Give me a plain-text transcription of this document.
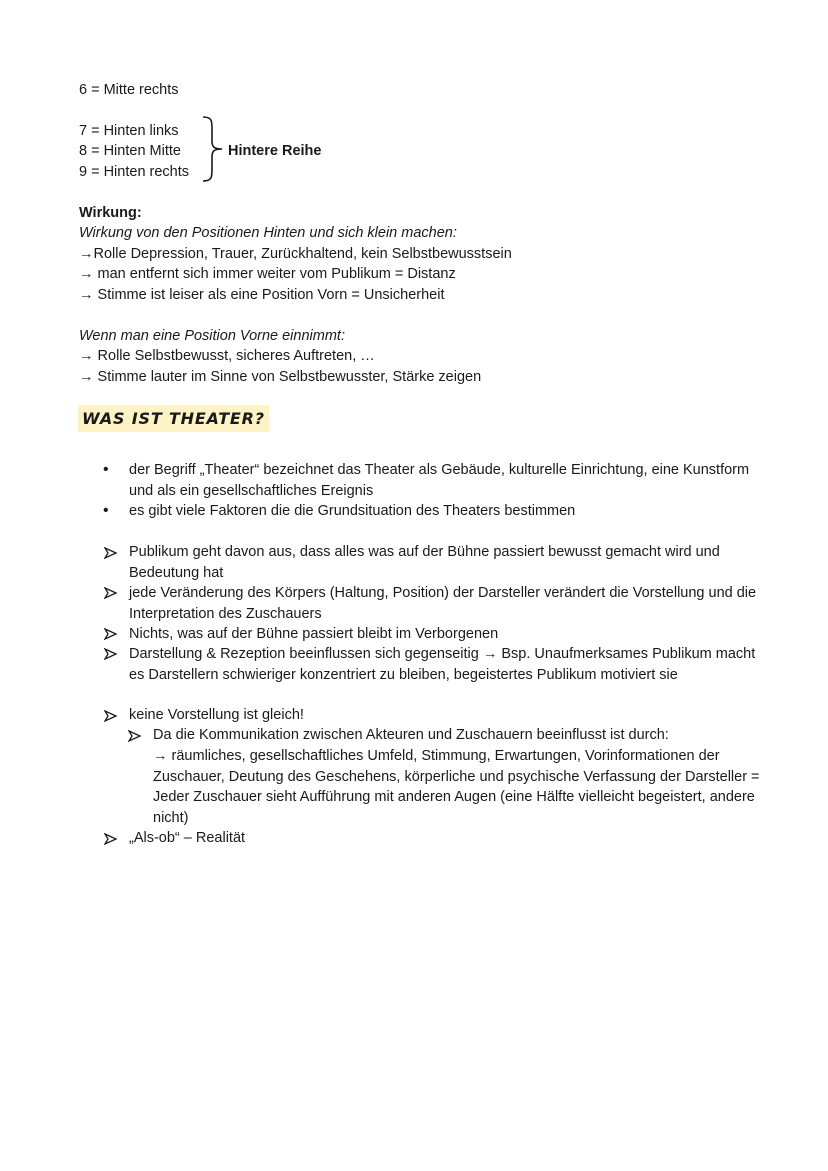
6 = Mitte rechts
7 = Hinten links
8 = Hinten Mitte
9 = Hinten rechts
Hintere Reihe
Wirkung:
Wirkung von den Positionen Hinten und sich klein machen:
→Rolle Depression, Trauer, Zurückhaltend, kein Selbstbewusstsein
→ man entfernt sich immer weiter vom Publikum = Distanz
→ Stimme ist leiser als eine Position Vorn = Unsicherheit
Wenn man eine Position Vorne einnimmt:
→ Rolle Selbstbewusst, sicheres Auftreten, …
→ Stimme lauter im Sinne von Selbstbewusster, Stärke zeigen
WAS IST THEATER?
• der Begriff „Theater“ bezeichnet das Theater als Gebäude, kulturelle Einrichtung, eine Kunstform und als ein gesellschaftliches Ereignis
• es gibt viele Faktoren die die Grundsituation des Theaters bestimmen
Publikum geht davon aus, dass alles was auf der Bühne passiert bewusst gemacht wird und Bedeutung hat
jede Veränderung des Körpers (Haltung, Position) der Darsteller verändert die Vorstellung und die Interpretation des Zuschauers
Nichts, was auf der Bühne passiert bleibt im Verborgenen
Darstellung & Rezeption beeinflussen sich gegenseitig → Bsp. Unaufmerksames Publikum macht es Darstellern schwieriger konzentriert zu bleiben, begeistertes Publikum motiviert sie
keine Vorstellung ist gleich!
Da die Kommunikation zwischen Akteuren und Zuschauern beeinflusst ist durch:
→ räumliches, gesellschaftliches Umfeld, Stimmung, Erwartungen, Vorinformationen der Zuschauer, Deutung des Geschehens, körperliche und psychische Verfassung der Darsteller = Jeder Zuschauer sieht Aufführung mit anderen Augen (eine Hälfte vielleicht begeistert, andere nicht)
„Als-ob“ – Realität
